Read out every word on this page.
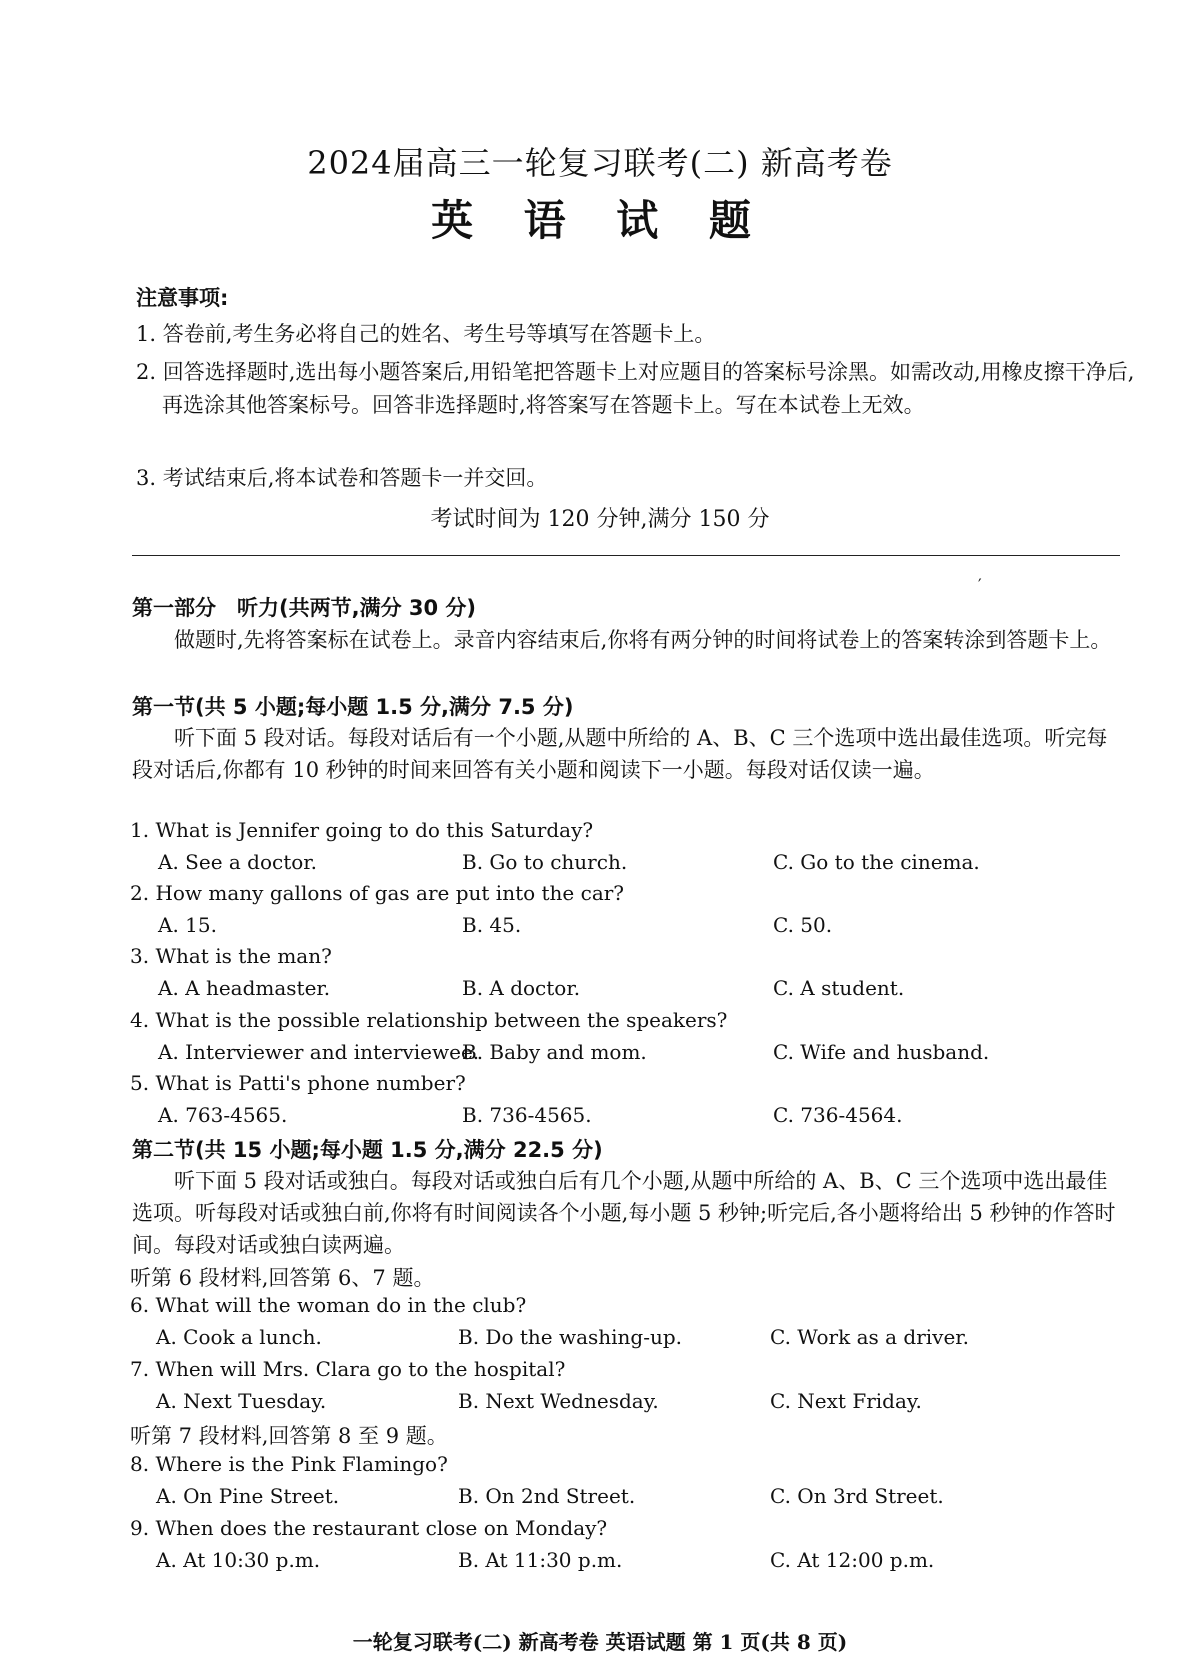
2024届高三一轮复习联考(二) 新高考卷
英 语 试 题
注意事项:
1. 答卷前,考生务必将自己的姓名、考生号等填写在答题卡上。
2. 回答选择题时,选出每小题答案后,用铅笔把答题卡上对应题目的答案标号涂黑。如需改动,用橡皮擦干净后,再选涂其他答案标号。回答非选择题时,将答案写在答题卡上。写在本试卷上无效。
3. 考试结束后,将本试卷和答题卡一并交回。
考试时间为 120 分钟,满分 150 分
′
第一部分　听力(共两节,满分 30 分)
做题时,先将答案标在试卷上。录音内容结束后,你将有两分钟的时间将试卷上的答案转涂到答题卡上。
第一节(共 5 小题;每小题 1.5 分,满分 7.5 分)
听下面 5 段对话。每段对话后有一个小题,从题中所给的 A、B、C 三个选项中选出最佳选项。听完每段对话后,你都有 10 秒钟的时间来回答有关小题和阅读下一小题。每段对话仅读一遍。
1. What is Jennifer going to do this Saturday?
A. See a doctor.	B. Go to church.	C. Go to the cinema.
2. How many gallons of gas are put into the car?
A. 15.	B. 45.	C. 50.
3. What is the man?
A. A headmaster.	B. A doctor.	C. A student.
4. What is the possible relationship between the speakers?
A. Interviewer and interviewee.
B. Baby and mom.	C. Wife and husband.
5. What is Patti's phone number?
A. 763-4565.	B. 736-4565.	C. 736-4564.
第二节(共 15 小题;每小题 1.5 分,满分 22.5 分)
听下面 5 段对话或独白。每段对话或独白后有几个小题,从题中所给的 A、B、C 三个选项中选出最佳选项。听每段对话或独白前,你将有时间阅读各个小题,每小题 5 秒钟;听完后,各小题将给出 5 秒钟的作答时间。每段对话或独白读两遍。
听第 6 段材料,回答第 6、7 题。
6. What will the woman do in the club?
A. Cook a lunch.	B. Do the washing-up.	C. Work as a driver.
7. When will Mrs. Clara go to the hospital?
A. Next Tuesday.	B. Next Wednesday.	C. Next Friday.
听第 7 段材料,回答第 8 至 9 题。
8. Where is the Pink Flamingo?
A. On Pine Street.	B. On 2nd Street.	C. On 3rd Street.
9. When does the restaurant close on Monday?
A. At 10:30 p.m.	B. At 11:30 p.m.	C. At 12:00 p.m.
一轮复习联考(二) 新高考卷 英语试题 第 1 页(共 8 页)
